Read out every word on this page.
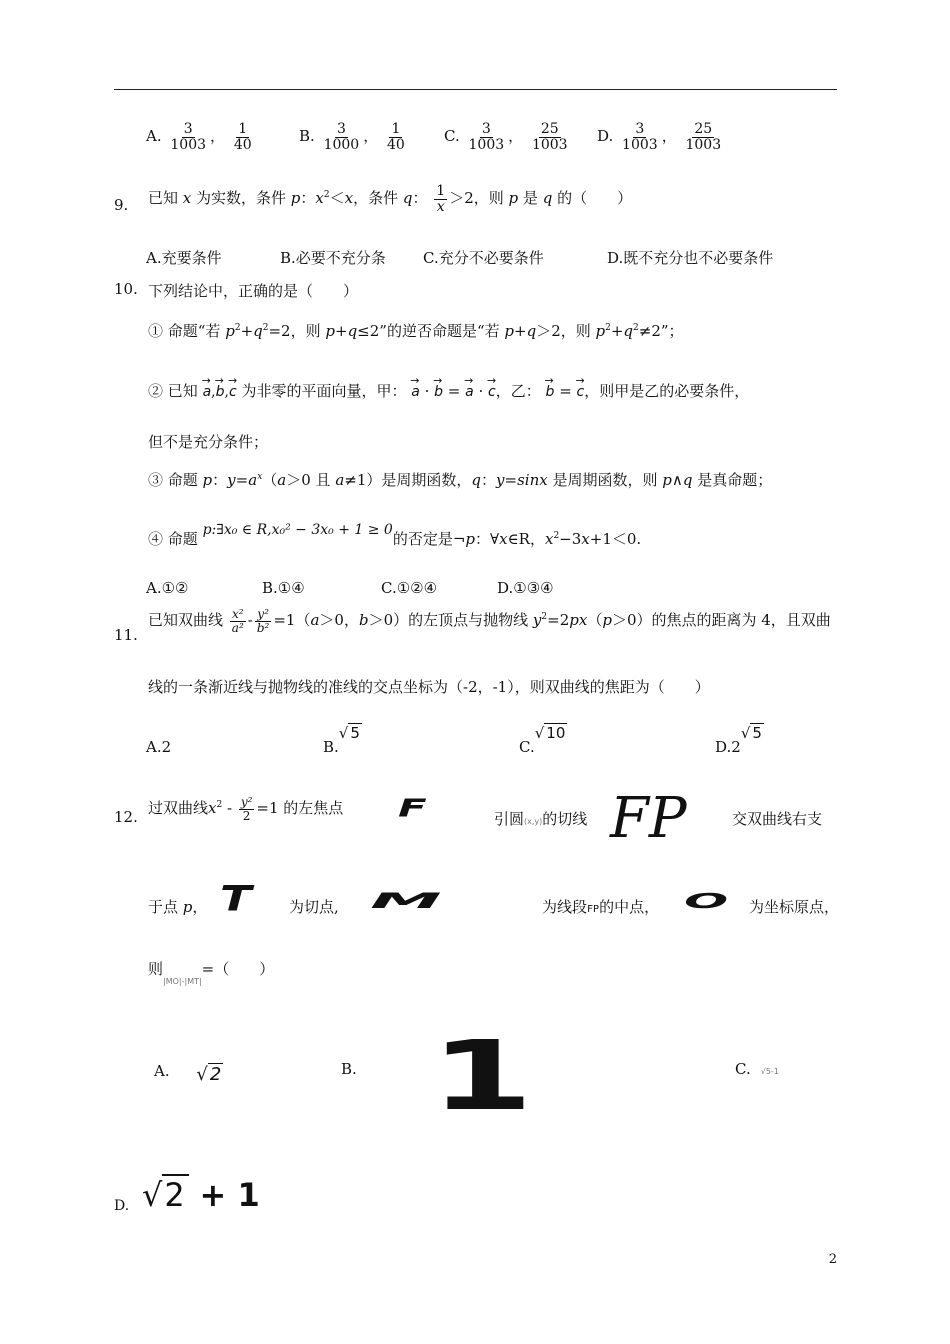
A. $\frac{3}{1003}$ ， $\frac{1}{40}$	B. $\frac{3}{1000}$ ， $\frac{1}{40} C$. $\frac{3}{1003}$ ， $\frac{25}{1003} D$. $\frac{3}{1003}$ ， $\frac{25}{1003}$
9. 已知 x 为实数，条件 p：$x^2<x$，条件 q： $\frac{1}{x} >2$，则 p 是 q 的（　　）
A.充要条件	B.必要不充分条 C.充分不必要条件	D.既不充分也不必要条件
10. 下列结论中，正确的是（　　）
① 命题“若 $p^2+q^2=2$，则 p+q≤2”的逆否命题是“若 p+q＞2，则 $p^2+q^2\ne 2$”；
② 已知 → a,→ b,→ c 为非零的平面向量，甲： → a · → b = → a · → c，乙： → b = → c，则甲是乙的必要条件，
但不是充分条件；
③ 命题 p：$y=a^x(a>0$ 且 a≠1）是周期函数，q：y=sinx 是周期函数，则 p∧q 是真命题；
④ 命题 p:∃x₀ ∈ R,x₀² − 3x₀ + 1 ≥ 0的否定是¬p：∀x∈R，$x^2-3x+1<0$.
A.①②	B.①④	C.①②④	D.①③④
11.
已知双曲线 $\frac{\text{x²}}{\text{a²}} - \frac{\text{y²}}{\text{b²}} =1(a>0$，b＞0）的左顶点与抛物线 $y^2=2px(p>0)$的焦点的距离为 4，且双曲
线的一条渐近线与抛物线的准线的交点坐标为（-2，-1），则双曲线的焦距为（　　）
A.2	B.√ 5
C.√ 10
D.2√ 5
12. 过双曲线$x^2 - \frac{\text{y²}}{2} =1$ 的左焦点 F	引圆(x,y)的切线 FP	交双曲线右支
于点 p， T	为切点, M	为线段FP的中点， O 为坐标原点，
则$_{|MO|-|MT|}$=（　　）
A. √ 2	B. 1	C. √5-1
D. √2 + 1
2
